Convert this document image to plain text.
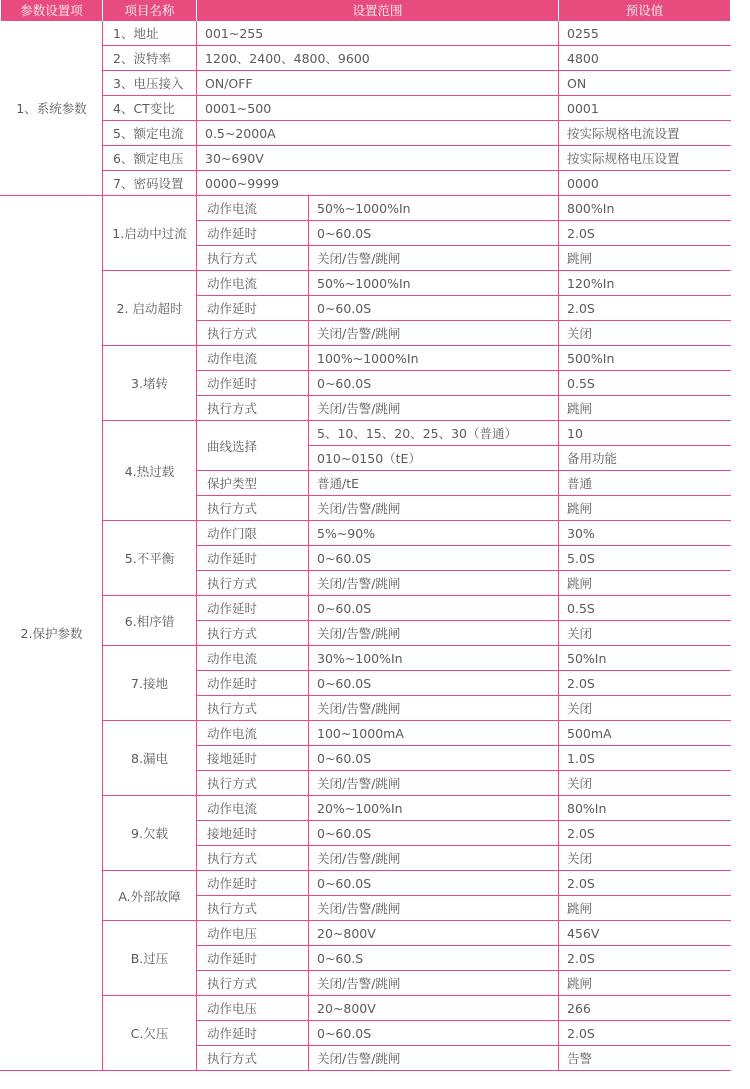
参数设置项	项目名称	设置范围		预设值
1、系统参数	1、地址	001~255		0255
	2、波特率	1200、2400、4800、9600		4800
	3、电压接入	ON/OFF		ON
	4、CT变比	0001~500		0001
	5、额定电流	0.5~2000A		按实际规格电流设置
	6、额定电压	30~690V		按实际规格电压设置
	7、密码设置	0000~9999		0000
2.保护参数	1.启动中过流	动作电流	50%~1000%In	800%In
		动作延时	0~60.0S	2.0S
		执行方式	关闭/告警/跳闸	跳闸
	2. 启动超时	动作电流	50%~1000%In	120%In
		动作延时	0~60.0S	2.0S
		执行方式	关闭/告警/跳闸	关闭
	3.堵转	动作电流	100%~1000%In	500%In
		动作延时	0~60.0S	0.5S
		执行方式	关闭/告警/跳闸	跳闸
	4.热过载	曲线选择	5、10、15、20、25、30（普通）	10
			010~0150（tE）	备用功能
		保护类型	普通/tE	普通
		执行方式	关闭/告警/跳闸	跳闸
	5.不平衡	动作门限	5%~90%	30%
		动作延时	0~60.0S	5.0S
		执行方式	关闭/告警/跳闸	跳闸
	6.相序错	动作延时	0~60.0S	0.5S
		执行方式	关闭/告警/跳闸	关闭
	7.接地	动作电流	30%~100%In	50%In
		动作延时	0~60.0S	2.0S
		执行方式	关闭/告警/跳闸	关闭
	8.漏电	动作电流	100~1000mA	500mA
		接地延时	0~60.0S	1.0S
		执行方式	关闭/告警/跳闸	关闭
	9.欠载	动作电流	20%~100%In	80%In
		接地延时	0~60.0S	2.0S
		执行方式	关闭/告警/跳闸	关闭
	A.外部故障	动作延时	0~60.0S	2.0S
		执行方式	关闭/告警/跳闸	跳闸
	B.过压	动作电压	20~800V	456V
		动作延时	0~60.S	2.0S
		执行方式	关闭/告警/跳闸	跳闸
	C.欠压	动作电压	20~800V	266
		动作延时	0~60.0S	2.0S
		执行方式	关闭/告警/跳闸	告警
